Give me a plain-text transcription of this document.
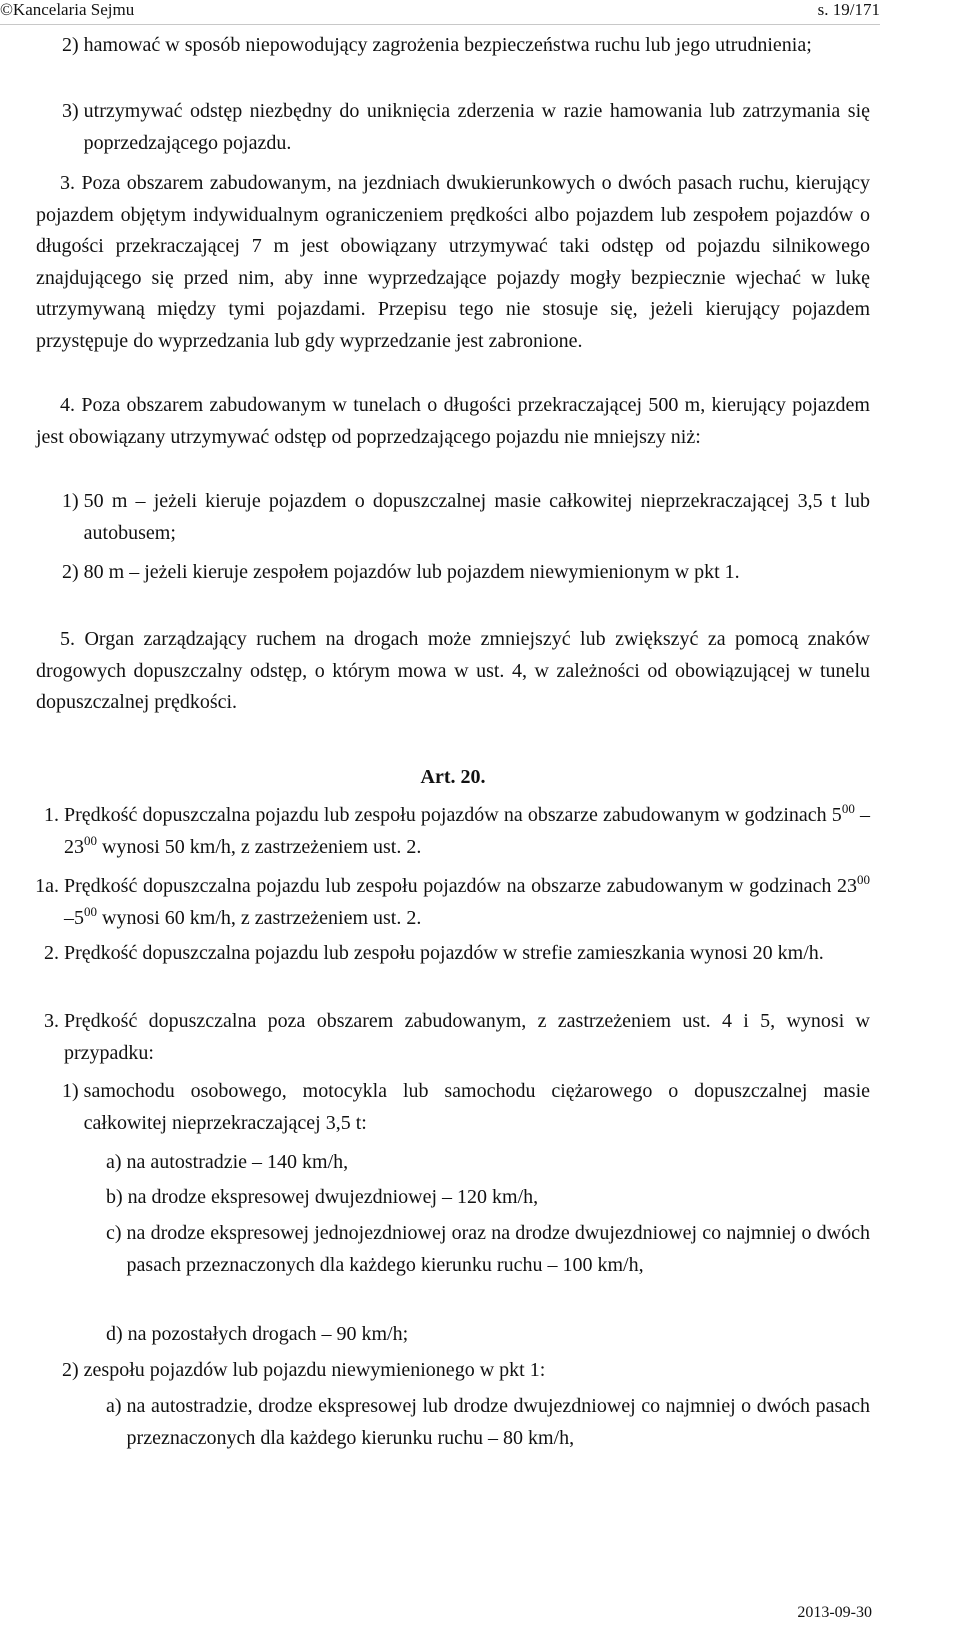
©Kancelaria Sejmu	s. 19/171
2) hamować w sposób niepowodujący zagrożenia bezpieczeństwa ruchu lub jego utrudnienia;
3) utrzymywać odstęp niezbędny do uniknięcia zderzenia w razie hamowania lub zatrzymania się poprzedzającego pojazdu.
3. Poza obszarem zabudowanym, na jezdniach dwukierunkowych o dwóch pasach ruchu, kierujący pojazdem objętym indywidualnym ograniczeniem prędkości albo pojazdem lub zespołem pojazdów o długości przekraczającej 7 m jest obowiązany utrzymywać taki odstęp od pojazdu silnikowego znajdującego się przed nim, aby inne wyprzedzające pojazdy mogły bezpiecznie wjechać w lukę utrzymywaną między tymi pojazdami. Przepisu tego nie stosuje się, jeżeli kierujący pojazdem przystępuje do wyprzedzania lub gdy wyprzedzanie jest zabronione.
4. Poza obszarem zabudowanym w tunelach o długości przekraczającej 500 m, kierujący pojazdem jest obowiązany utrzymywać odstęp od poprzedzającego pojazdu nie mniejszy niż:
1) 50 m – jeżeli kieruje pojazdem o dopuszczalnej masie całkowitej nieprzekraczającej 3,5 t lub autobusem;
2) 80 m – jeżeli kieruje zespołem pojazdów lub pojazdem niewymienionym w pkt 1.
5. Organ zarządzający ruchem na drogach może zmniejszyć lub zwiększyć za pomocą znaków drogowych dopuszczalny odstęp, o którym mowa w ust. 4, w zależności od obowiązującej w tunelu dopuszczalnej prędkości.
Art. 20.
1. Prędkość dopuszczalna pojazdu lub zespołu pojazdów na obszarze zabudowanym w godzinach $5^{00}$ $-23^{00}$ wynosi 50 km/h, z zastrzeżeniem ust. 2.
1a. Prędkość dopuszczalna pojazdu lub zespołu pojazdów na obszarze zabudowanym w godzinach $23^{00}$ $-5^{00}$ wynosi 60 km/h, z zastrzeżeniem ust. 2.
2. Prędkość dopuszczalna pojazdu lub zespołu pojazdów w strefie zamieszkania wynosi 20 km/h.
3. Prędkość dopuszczalna poza obszarem zabudowanym, z zastrzeżeniem ust. 4 i 5, wynosi w przypadku:
1) samochodu osobowego, motocykla lub samochodu ciężarowego o dopuszczalnej masie całkowitej nieprzekraczającej 3,5 t:
a) na autostradzie – 140 km/h,
b) na drodze ekspresowej dwujezdniowej – 120 km/h,
c) na drodze ekspresowej jednojezdniowej oraz na drodze dwujezdniowej co najmniej o dwóch pasach przeznaczonych dla każdego kierunku ruchu – 100 km/h,
d) na pozostałych drogach – 90 km/h;
2) zespołu pojazdów lub pojazdu niewymienionego w pkt 1:
a) na autostradzie, drodze ekspresowej lub drodze dwujezdniowej co najmniej o dwóch pasach przeznaczonych dla każdego kierunku ruchu – 80 km/h,
2013-09-30
